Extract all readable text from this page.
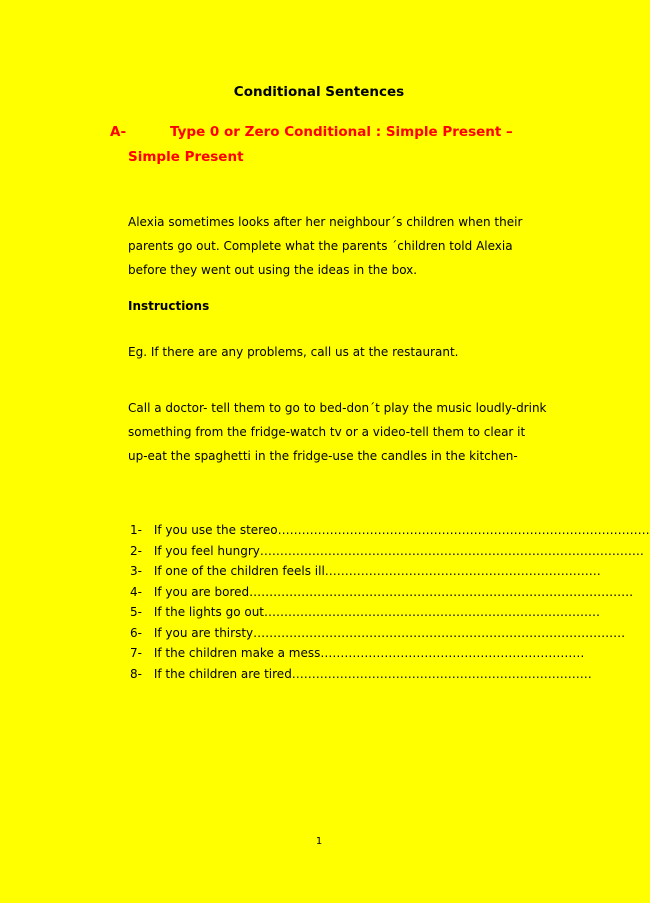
Conditional Sentences
A-	Type 0 or Zero Conditional : Simple Present –
Simple Present
Alexia sometimes looks after her neighbour´s children when their parents go out. Complete what the parents ´children told Alexia before they went out using the ideas in the box.
Instructions
Eg. If there are any problems, call us at the restaurant.
Call a doctor- tell them to go to bed-don´t play the music loudly-drink something from the fridge-watch tv or a video-tell them to clear it up-eat the spaghetti in the fridge-use the candles in the kitchen-
1- If you use the stereo…………………………………………………………………………………
2- If you feel hungry……………………………………………………………………………………
3- If one of the children feels ill……………………………………………………………
4- If you are bored……………………………………………………………………………………
5- If the lights go out…………………………………………………………………………
6- If you are thirsty…………………………………………………………………………………
7- If the children make a mess…………………………………………………………
8- If the children are tired…………………………………………………………………
1
